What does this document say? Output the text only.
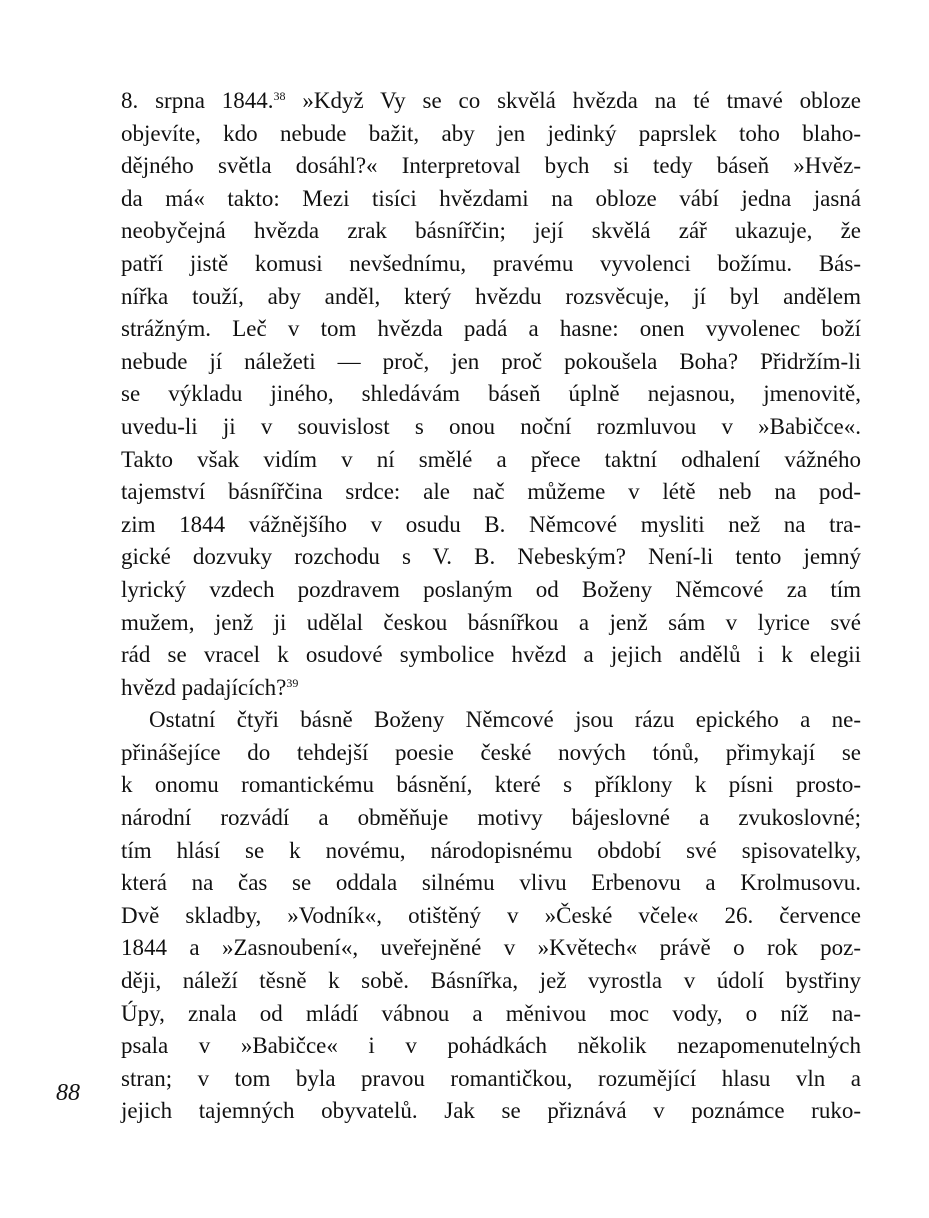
8. srpna 1844.38 »Když Vy se co skvělá hvězda na té tmavé obloze
objevíte, kdo nebude bažit, aby jen jedinký paprslek toho blaho-
dějného světla dosáhl?« Interpretoval bych si tedy báseň »Hvěz-
da má« takto: Mezi tisíci hvězdami na obloze vábí jedna jasná
neobyčejná hvězda zrak básnířčin; její skvělá zář ukazuje, že
patří jistě komusi nevšednímu, pravému vyvolenci božímu. Bás-
nířka touží, aby anděl, který hvězdu rozsvěcuje, jí byl andělem
strážným. Leč v tom hvězda padá a hasne: onen vyvolenec boží
nebude jí náležeti — proč, jen proč pokoušela Boha? Přidržím-li
se výkladu jiného, shledávám báseň úplně nejasnou, jmenovitě,
uvedu-li ji v souvislost s onou noční rozmluvou v »Babičce«.
Takto však vidím v ní smělé a přece taktní odhalení vážného
tajemství básnířčina srdce: ale nač můžeme v létě neb na pod-
zim 1844 vážnějšího v osudu B. Němcové mysliti než na tra-
gické dozvuky rozchodu s V. B. Nebeským? Není-li tento jemný
lyrický vzdech pozdravem poslaným od Boženy Němcové za tím
mužem, jenž ji udělal českou básnířkou a jenž sám v lyrice své
rád se vracel k osudové symbolice hvězd a jejich andělů i k elegii
hvězd padajících?$^{39}$
Ostatní čtyři básně Boženy Němcové jsou rázu epického a ne-
přinášejíce do tehdejší poesie české nových tónů, přimykají se
k onomu romantickému básnění, které s příklony k písni prosto-
národní rozvádí a obměňuje motivy bájeslovné a zvukoslovné;
tím hlásí se k novému, národopisnému období své spisovatelky,
která na čas se oddala silnému vlivu Erbenovu a Krolmusovu.
Dvě skladby, »Vodník«, otištěný v »České včele« 26. července
1844 a »Zasnoubení«, uveřejněné v »Květech« právě o rok poz-
ději, náleží těsně k sobě. Básnířka, jež vyrostla v údolí bystřiny
Úpy, znala od mládí vábnou a měnivou moc vody, o níž na-
psala v »Babičce« i v pohádkách několik nezapomenutelných
stran; v tom byla pravou romantičkou, rozumějící hlasu vln a
jejich tajemných obyvatelů. Jak se přiznává v poznámce ruko-
88
